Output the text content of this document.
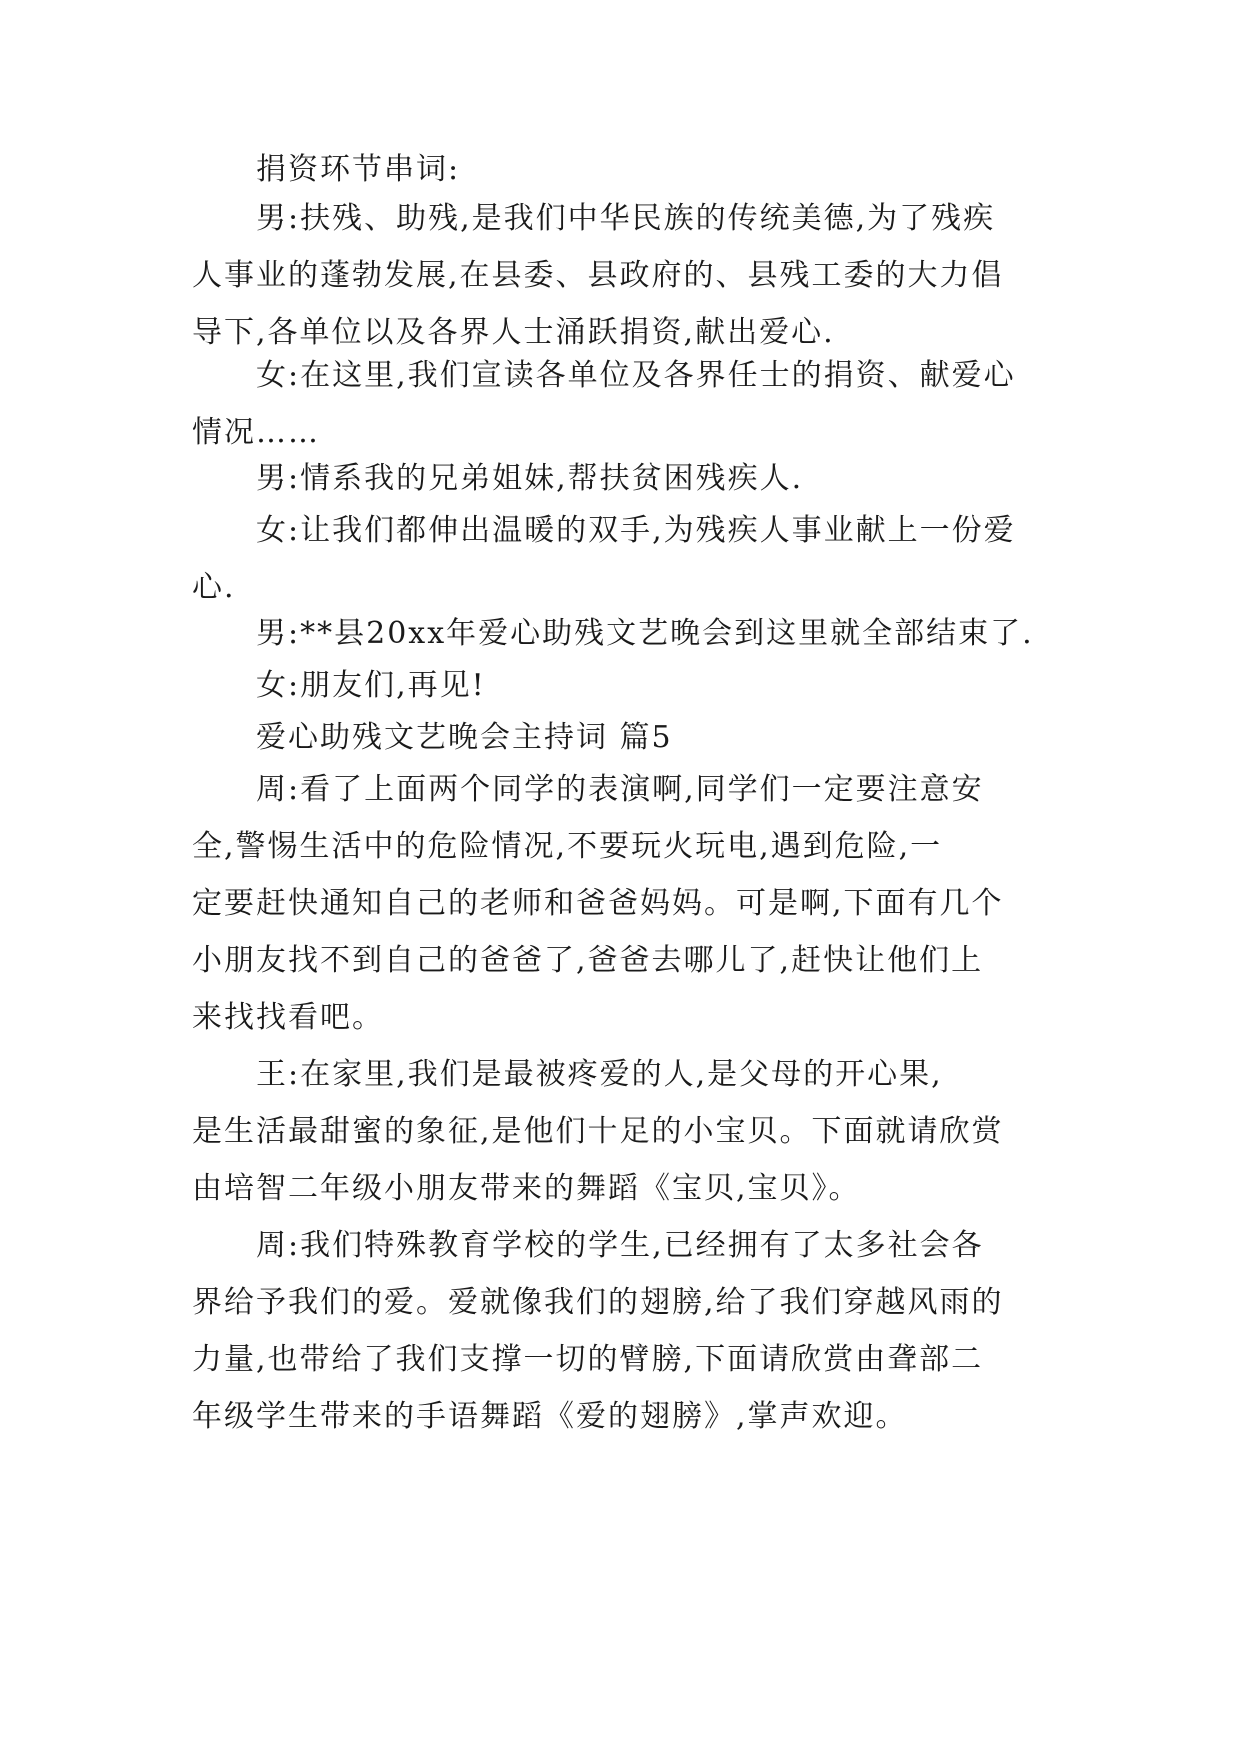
捐资环节串词:
男:扶残、助残,是我们中华民族的传统美德,为了残疾
人事业的蓬勃发展,在县委、县政府的、县残工委的大力倡
导下,各单位以及各界人士涌跃捐资,献出爱心.
女:在这里,我们宣读各单位及各界任士的捐资、献爱心
情况……
男:情系我的兄弟姐妹,帮扶贫困残疾人.
女:让我们都伸出温暖的双手,为残疾人事业献上一份爱
心.
男:**县20xx年爱心助残文艺晚会到这里就全部结束了.
女:朋友们,再见!
爱心助残文艺晚会主持词 篇5
周:看了上面两个同学的表演啊,同学们一定要注意安
全,警惕生活中的危险情况,不要玩火玩电,遇到危险,一
定要赶快通知自己的老师和爸爸妈妈。可是啊,下面有几个
小朋友找不到自己的爸爸了,爸爸去哪儿了,赶快让他们上
来找找看吧。
王:在家里,我们是最被疼爱的人,是父母的开心果,
是生活最甜蜜的象征,是他们十足的小宝贝。下面就请欣赏
由培智二年级小朋友带来的舞蹈《宝贝,宝贝》。
周:我们特殊教育学校的学生,已经拥有了太多社会各
界给予我们的爱。爱就像我们的翅膀,给了我们穿越风雨的
力量,也带给了我们支撑一切的臂膀,下面请欣赏由聋部二
年级学生带来的手语舞蹈《爱的翅膀》,掌声欢迎。
